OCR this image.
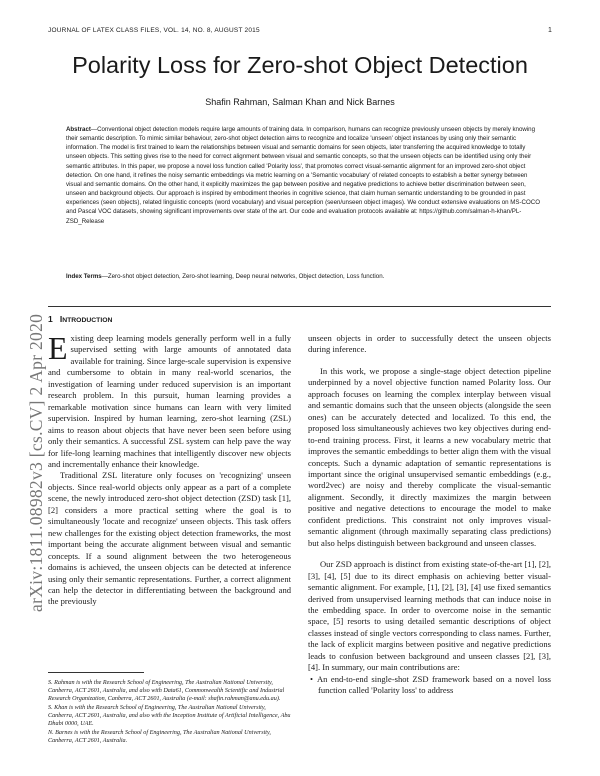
JOURNAL OF LATEX CLASS FILES, VOL. 14, NO. 8, AUGUST 2015	1
Polarity Loss for Zero-shot Object Detection
Shafin Rahman, Salman Khan and Nick Barnes

Abstract—Conventional object detection models require large amounts of training data. In comparison, humans can recognize previously unseen objects by merely knowing their semantic description. To mimic similar behaviour, zero-shot object detection aims to recognize and localize 'unseen' object instances by using only their semantic information. The model is first trained to learn the relationships between visual and semantic domains for seen objects, later transferring the acquired knowledge to totally unseen objects. This setting gives rise to the need for correct alignment between visual and semantic concepts, so that the unseen objects can be identified using only their semantic attributes. In this paper, we propose a novel loss function called 'Polarity loss', that promotes correct visual-semantic alignment for an improved zero-shot object detection. On one hand, it refines the noisy semantic embeddings via metric learning on a 'Semantic vocabulary' of related concepts to establish a better synergy between visual and semantic domains. On the other hand, it explicitly maximizes the gap between positive and negative predictions to achieve better discrimination between seen, unseen and background objects. Our approach is inspired by embodiment theories in cognitive science, that claim human semantic understanding to be grounded in past experiences (seen objects), related linguistic concepts (word vocabulary) and visual perception (seen/unseen object images). We conduct extensive evaluations on MS-COCO and Pascal VOC datasets, showing significant improvements over state of the art. Our code and evaluation protocols available at: https://github.com/salman-h-khan/PL-ZSD_Release

Index Terms—Zero-shot object detection, Zero-shot learning, Deep neural networks, Object detection, Loss function.

arXiv:1811.08982v3 [cs.CV] 2 Apr 2020 1 INTRODUCTION

Existing deep learning models generally perform well in a fully supervised setting with large amounts of annotated data available for training. Since large-scale supervision is expensive and cumbersome to obtain in many real-world scenarios, the investigation of learning under reduced supervision is an important research problem. In this pursuit, human learning provides a remarkable motivation since humans can learn with very limited supervision. Inspired by human learning, zero-shot learning (ZSL) aims to reason about objects that have never been seen before using only their semantics. A successful ZSL system can help pave the way for life-long learning machines that intelligently discover new objects and incrementally enhance their knowledge.

Traditional ZSL literature only focuses on 'recognizing' unseen objects. Since real-world objects only appear as a part of a complete scene, the newly introduced zero-shot object detection (ZSD) task [1], [2] considers a more practical setting where the goal is to simultaneously 'locate and recognize' unseen objects. This task offers new challenges for the existing object detection frameworks, the most important being the accurate alignment between visual and semantic concepts. If a sound alignment between the two heterogeneous domains is achieved, the unseen objects can be detected at inference using only their semantic representations. Further, a correct alignment can help the detector in differentiating between the background and the previously

S. Rahman is with the Research School of Engineering, The Australian National University, Canberra, ACT 2601, Australia, and also with Data61, Commonwealth Scientific and Industrial Research Organization, Canberra, ACT 2601, Australia (e-mail: shafin.rahman@anu.edu.au).

S. Khan is with the Research School of Engineering, The Australian National University, Canberra, ACT 2601, Australia, and also with the Inception Institute of Artificial Intelligence, Abu Dhabi 0000, UAE.

N. Barnes is with the Research School of Engineering, The Australian National University, Canberra, ACT 2601, Australia.

unseen objects in order to successfully detect the unseen objects during inference.

In this work, we propose a single-stage object detection pipeline underpinned by a novel objective function named Polarity loss. Our approach focuses on learning the complex interplay between visual and semantic domains such that the unseen objects (alongside the seen ones) can be accurately detected and localized. To this end, the proposed loss simultaneously achieves two key objectives during end-to-end training process. First, it learns a new vocabulary metric that improves the semantic embeddings to better align them with the visual concepts. Such a dynamic adaptation of semantic representations is important since the original unsupervised semantic embeddings (e.g., word2vec) are noisy and thereby complicate the visual-semantic alignment. Secondly, it directly maximizes the margin between positive and negative detections to encourage the model to make confident predictions. This constraint not only improves visual-semantic alignment (through maximally separating class predictions) but also helps distinguish between background and unseen classes.

Our ZSD approach is distinct from existing state-of-the-art [1], [2], [3], [4], [5] due to its direct emphasis on achieving better visual-semantic alignment. For example, [1], [2], [3], [4] use fixed semantics derived from unsupervised learning methods that can induce noise in the embedding space. In order to overcome noise in the semantic space, [5] resorts to using detailed semantic descriptions of object classes instead of single vectors corresponding to class names. Further, the lack of explicit margins between positive and negative predictions leads to confusion between background and unseen classes [2], [3], [4]. In summary, our main contributions are:

• An end-to-end single-shot ZSD framework based on a novel loss function called 'Polarity loss' to address
